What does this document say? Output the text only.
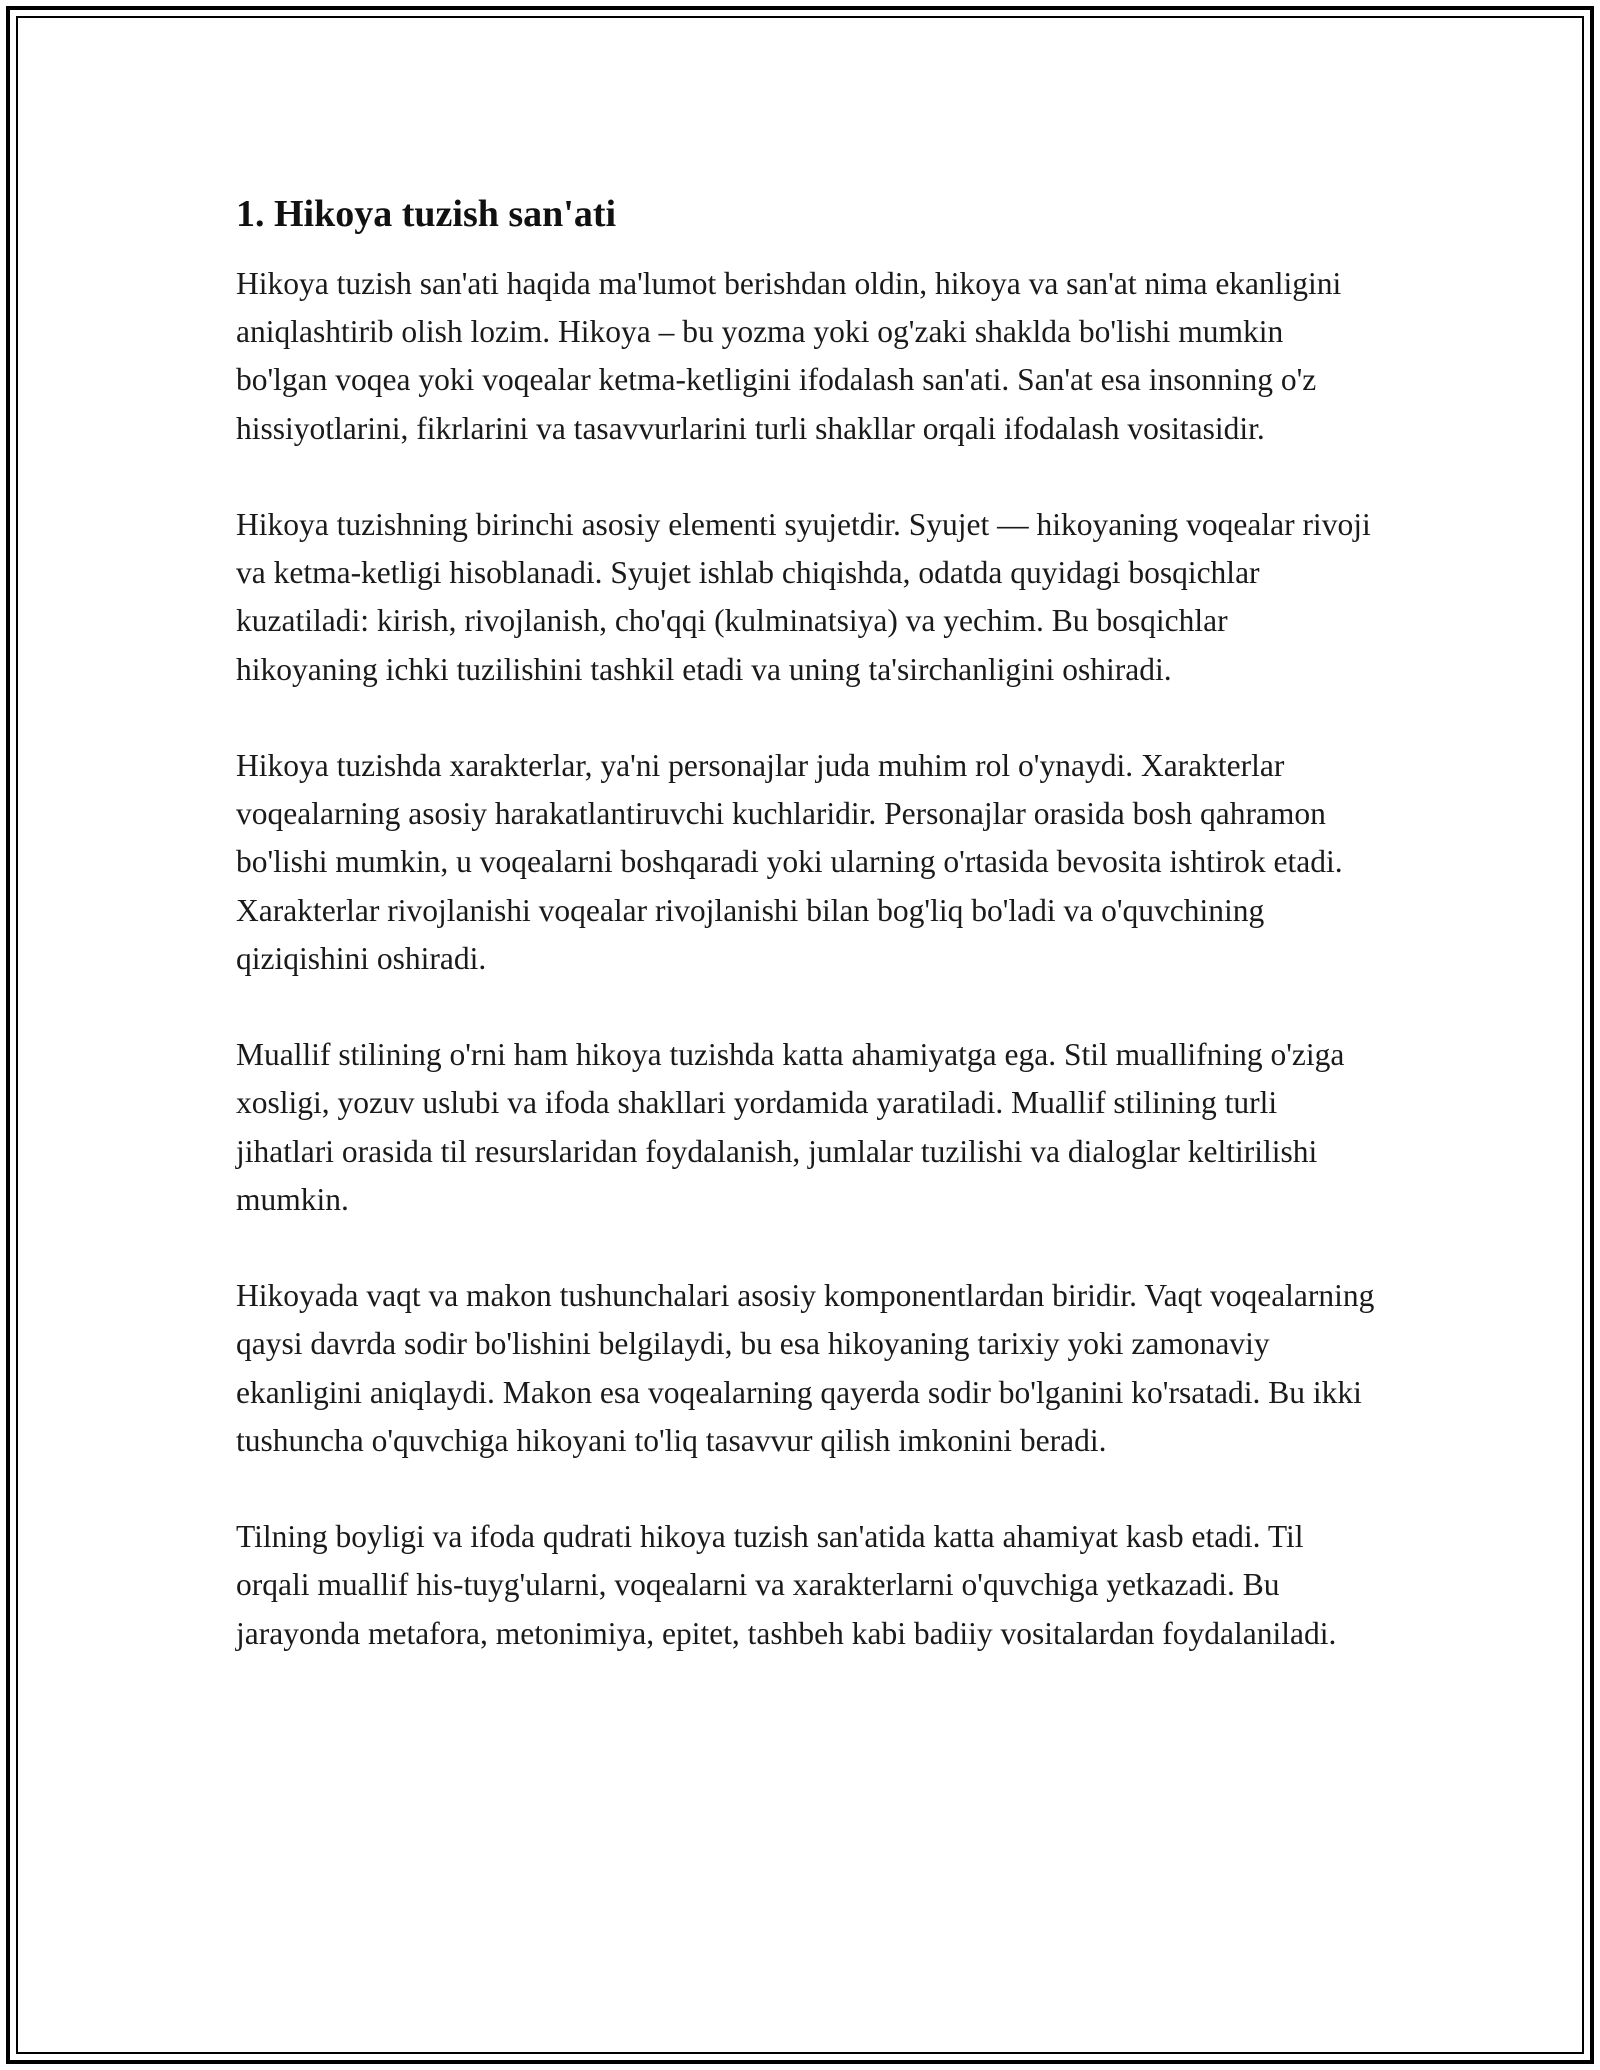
1. Hikoya tuzish san'ati

Hikoya tuzish san'ati haqida ma'lumot berishdan oldin, hikoya va san'at nima ekanligini aniqlashtirib olish lozim. Hikoya – bu yozma yoki og'zaki shaklda bo'lishi mumkin bo'lgan voqea yoki voqealar ketma-ketligini ifodalash san'ati. San'at esa insonning o'z hissiyotlarini, fikrlarini va tasavvurlarini turli shakllar orqali ifodalash vositasidir.

Hikoya tuzishning birinchi asosiy elementi syujetdir. Syujet — hikoyaning voqealar rivoji va ketma-ketligi hisoblanadi. Syujet ishlab chiqishda, odatda quyidagi bosqichlar kuzatiladi: kirish, rivojlanish, cho'qqi (kulminatsiya) va yechim. Bu bosqichlar hikoyaning ichki tuzilishini tashkil etadi va uning ta'sirchanligini oshiradi.

Hikoya tuzishda xarakterlar, ya'ni personajlar juda muhim rol o'ynaydi. Xarakterlar voqealarning asosiy harakatlantiruvchi kuchlaridir. Personajlar orasida bosh qahramon bo'lishi mumkin, u voqealarni boshqaradi yoki ularning o'rtasida bevosita ishtirok etadi. Xarakterlar rivojlanishi voqealar rivojlanishi bilan bog'liq bo'ladi va o'quvchining qiziqishini oshiradi.

Muallif stilining o'rni ham hikoya tuzishda katta ahamiyatga ega. Stil muallifning o'ziga xosligi, yozuv uslubi va ifoda shakllari yordamida yaratiladi. Muallif stilining turli jihatlari orasida til resurslaridan foydalanish, jumlalar tuzilishi va dialoglar keltirilishi mumkin.

Hikoyada vaqt va makon tushunchalari asosiy komponentlardan biridir. Vaqt voqealarning qaysi davrda sodir bo'lishini belgilaydi, bu esa hikoyaning tarixiy yoki zamonaviy ekanligini aniqlaydi. Makon esa voqealarning qayerda sodir bo'lganini ko'rsatadi. Bu ikki tushuncha o'quvchiga hikoyani to'liq tasavvur qilish imkonini beradi.

Tilning boyligi va ifoda qudrati hikoya tuzish san'atida katta ahamiyat kasb etadi. Til orqali muallif his-tuyg'ularni, voqealarni va xarakterlarni o'quvchiga yetkazadi. Bu jarayonda metafora, metonimiya, epitet, tashbeh kabi badiiy vositalardan foydalaniladi.
